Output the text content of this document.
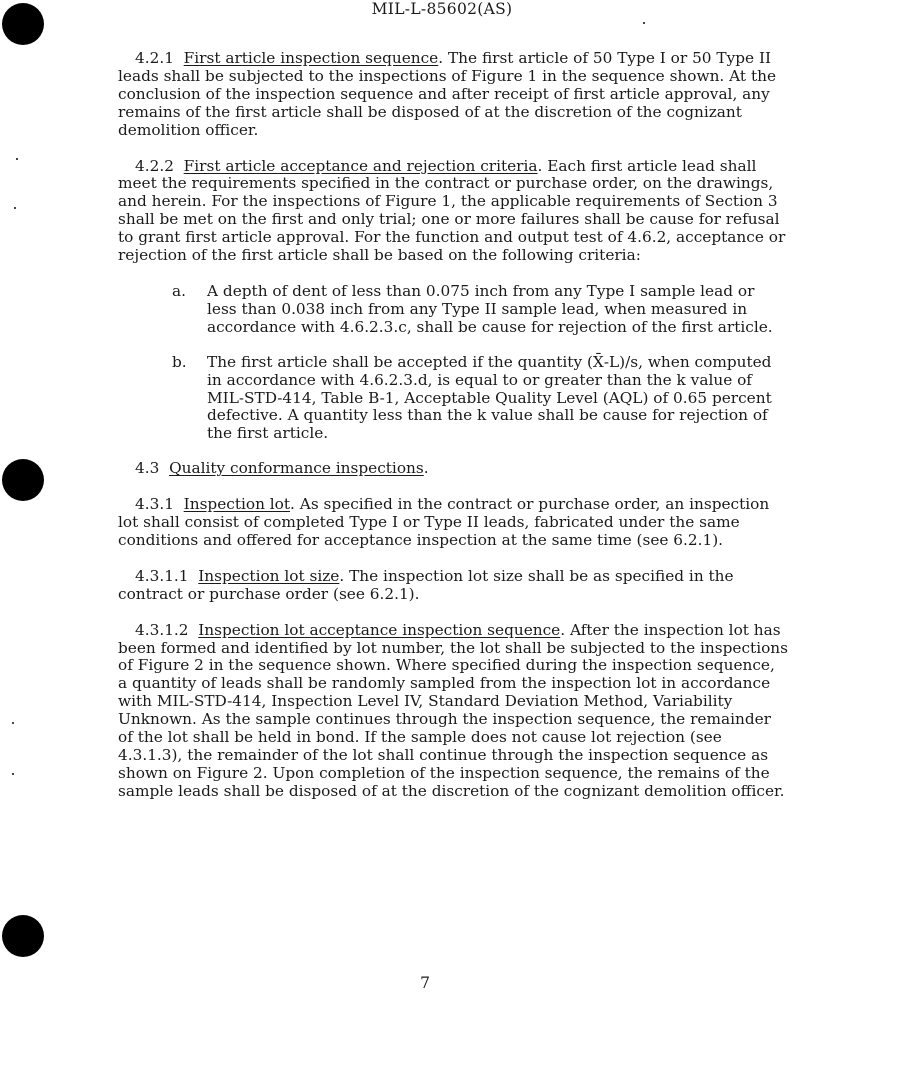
MIL-L-85602(AS)

4.2.1 First article inspection sequence. The first article of 50 Type I or 50 Type II leads shall be subjected to the inspections of Figure 1 in the sequence shown. At the conclusion of the inspection sequence and after receipt of first article approval, any remains of the first article shall be disposed of at the discretion of the cognizant demolition officer.

4.2.2 First article acceptance and rejection criteria. Each first article lead shall meet the requirements specified in the contract or purchase order, on the drawings, and herein. For the inspections of Figure 1, the applicable requirements of Section 3 shall be met on the first and only trial; one or more failures shall be cause for refusal to grant first article approval. For the function and output test of 4.6.2, acceptance or rejection of the first article shall be based on the following criteria:

a. A depth of dent of less than 0.075 inch from any Type I sample lead or less than 0.038 inch from any Type II sample lead, when measured in accordance with 4.6.2.3.c, shall be cause for rejection of the first article.
b. The first article shall be accepted if the quantity (X̄-L)/s, when computed in accordance with 4.6.2.3.d, is equal to or greater than the k value of MIL-STD-414, Table B-1, Acceptable Quality Level (AQL) of 0.65 percent defective. A quantity less than the k value shall be cause for rejection of the first article.

4.3 Quality conformance inspections.

4.3.1 Inspection lot. As specified in the contract or purchase order, an inspection lot shall consist of completed Type I or Type II leads, fabricated under the same conditions and offered for acceptance inspection at the same time (see 6.2.1).

4.3.1.1 Inspection lot size. The inspection lot size shall be as specified in the contract or purchase order (see 6.2.1).

4.3.1.2 Inspection lot acceptance inspection sequence. After the inspection lot has been formed and identified by lot number, the lot shall be subjected to the inspections of Figure 2 in the sequence shown. Where specified during the inspection sequence, a quantity of leads shall be randomly sampled from the inspection lot in accordance with MIL-STD-414, Inspection Level IV, Standard Deviation Method, Variability Unknown. As the sample continues through the inspection sequence, the remainder of the lot shall be held in bond. If the sample does not cause lot rejection (see 4.3.1.3), the remainder of the lot shall continue through the inspection sequence as shown on Figure 2. Upon completion of the inspection sequence, the remains of the sample leads shall be disposed of at the discretion of the cognizant demolition officer.

7
